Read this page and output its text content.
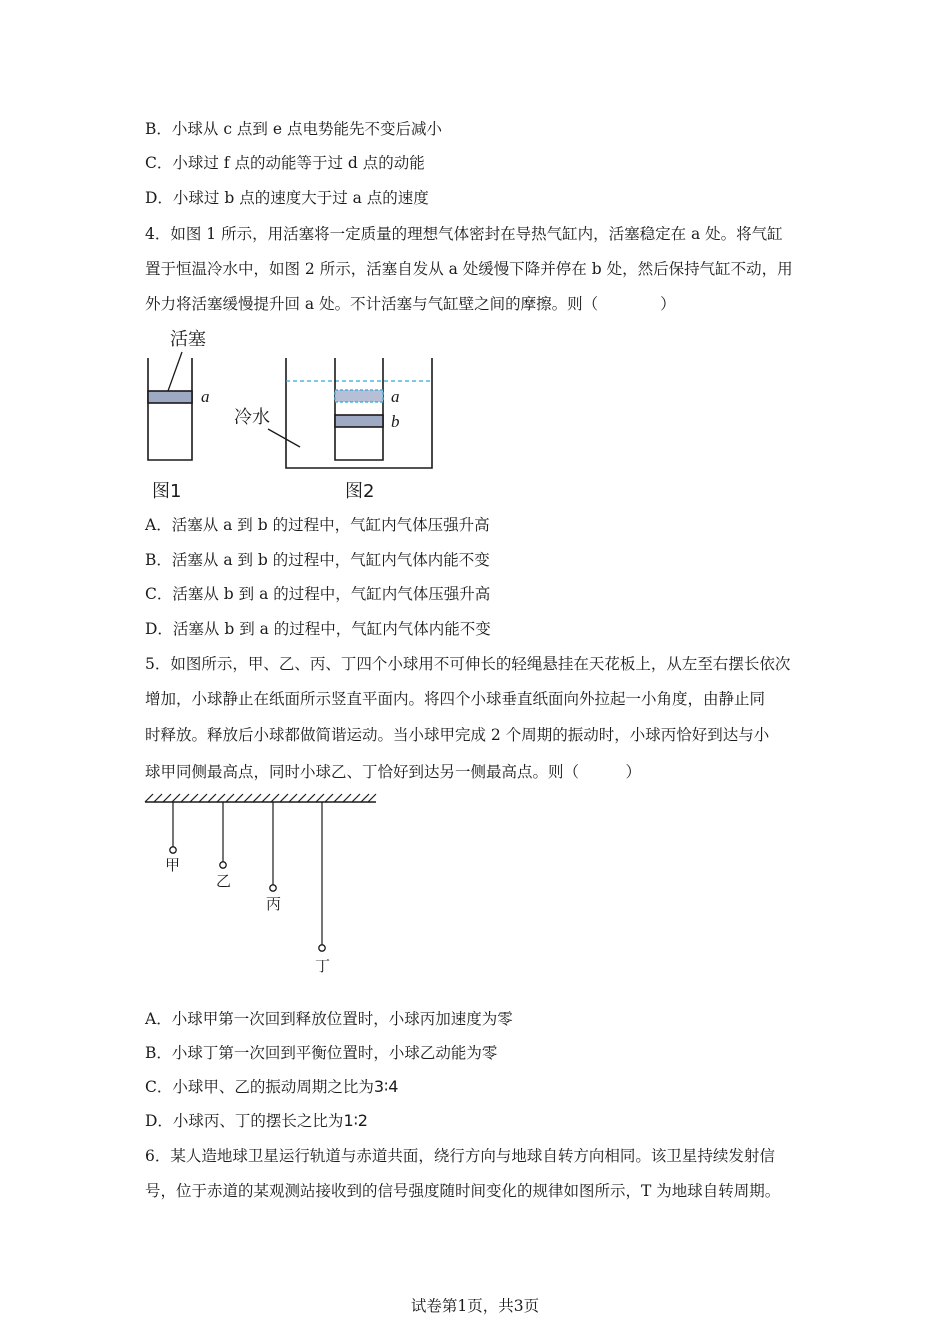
B．小球从 c 点到 e 点电势能先不变后减小
C．小球过 f 点的动能等于过 d 点的动能
D．小球过 b 点的速度大于过 a 点的速度
4．如图 1 所示，用活塞将一定质量的理想气体密封在导热气缸内，活塞稳定在 a 处。将气缸
置于恒温冷水中，如图 2 所示，活塞自发从 a 处缓慢下降并停在 b 处，然后保持气缸不动，用
外力将活塞缓慢提升回 a 处。不计活塞与气缸壁之间的摩擦。则（　　　　）
活塞
a
图1
a
b
冷水
图2
A．活塞从 a 到 b 的过程中，气缸内气体压强升高
B．活塞从 a 到 b 的过程中，气缸内气体内能不变
C．活塞从 b 到 a 的过程中，气缸内气体压强升高
D．活塞从 b 到 a 的过程中，气缸内气体内能不变
5．如图所示，甲、乙、丙、丁四个小球用不可伸长的轻绳悬挂在天花板上，从左至右摆长依次
增加，小球静止在纸面所示竖直平面内。将四个小球垂直纸面向外拉起一小角度，由静止同
时释放。释放后小球都做简谐运动。当小球甲完成 2 个周期的振动时，小球丙恰好到达与小
球甲同侧最高点，同时小球乙、丁恰好到达另一侧最高点。则（　　　）
甲
乙
丙
丁
A．小球甲第一次回到释放位置时，小球丙加速度为零
B．小球丁第一次回到平衡位置时，小球乙动能为零
C．小球甲、乙的振动周期之比为3∶4
D．小球丙、丁的摆长之比为1∶2
6．某人造地球卫星运行轨道与赤道共面，绕行方向与地球自转方向相同。该卫星持续发射信
号，位于赤道的某观测站接收到的信号强度随时间变化的规律如图所示，T 为地球自转周期。
试卷第1页，共3页
